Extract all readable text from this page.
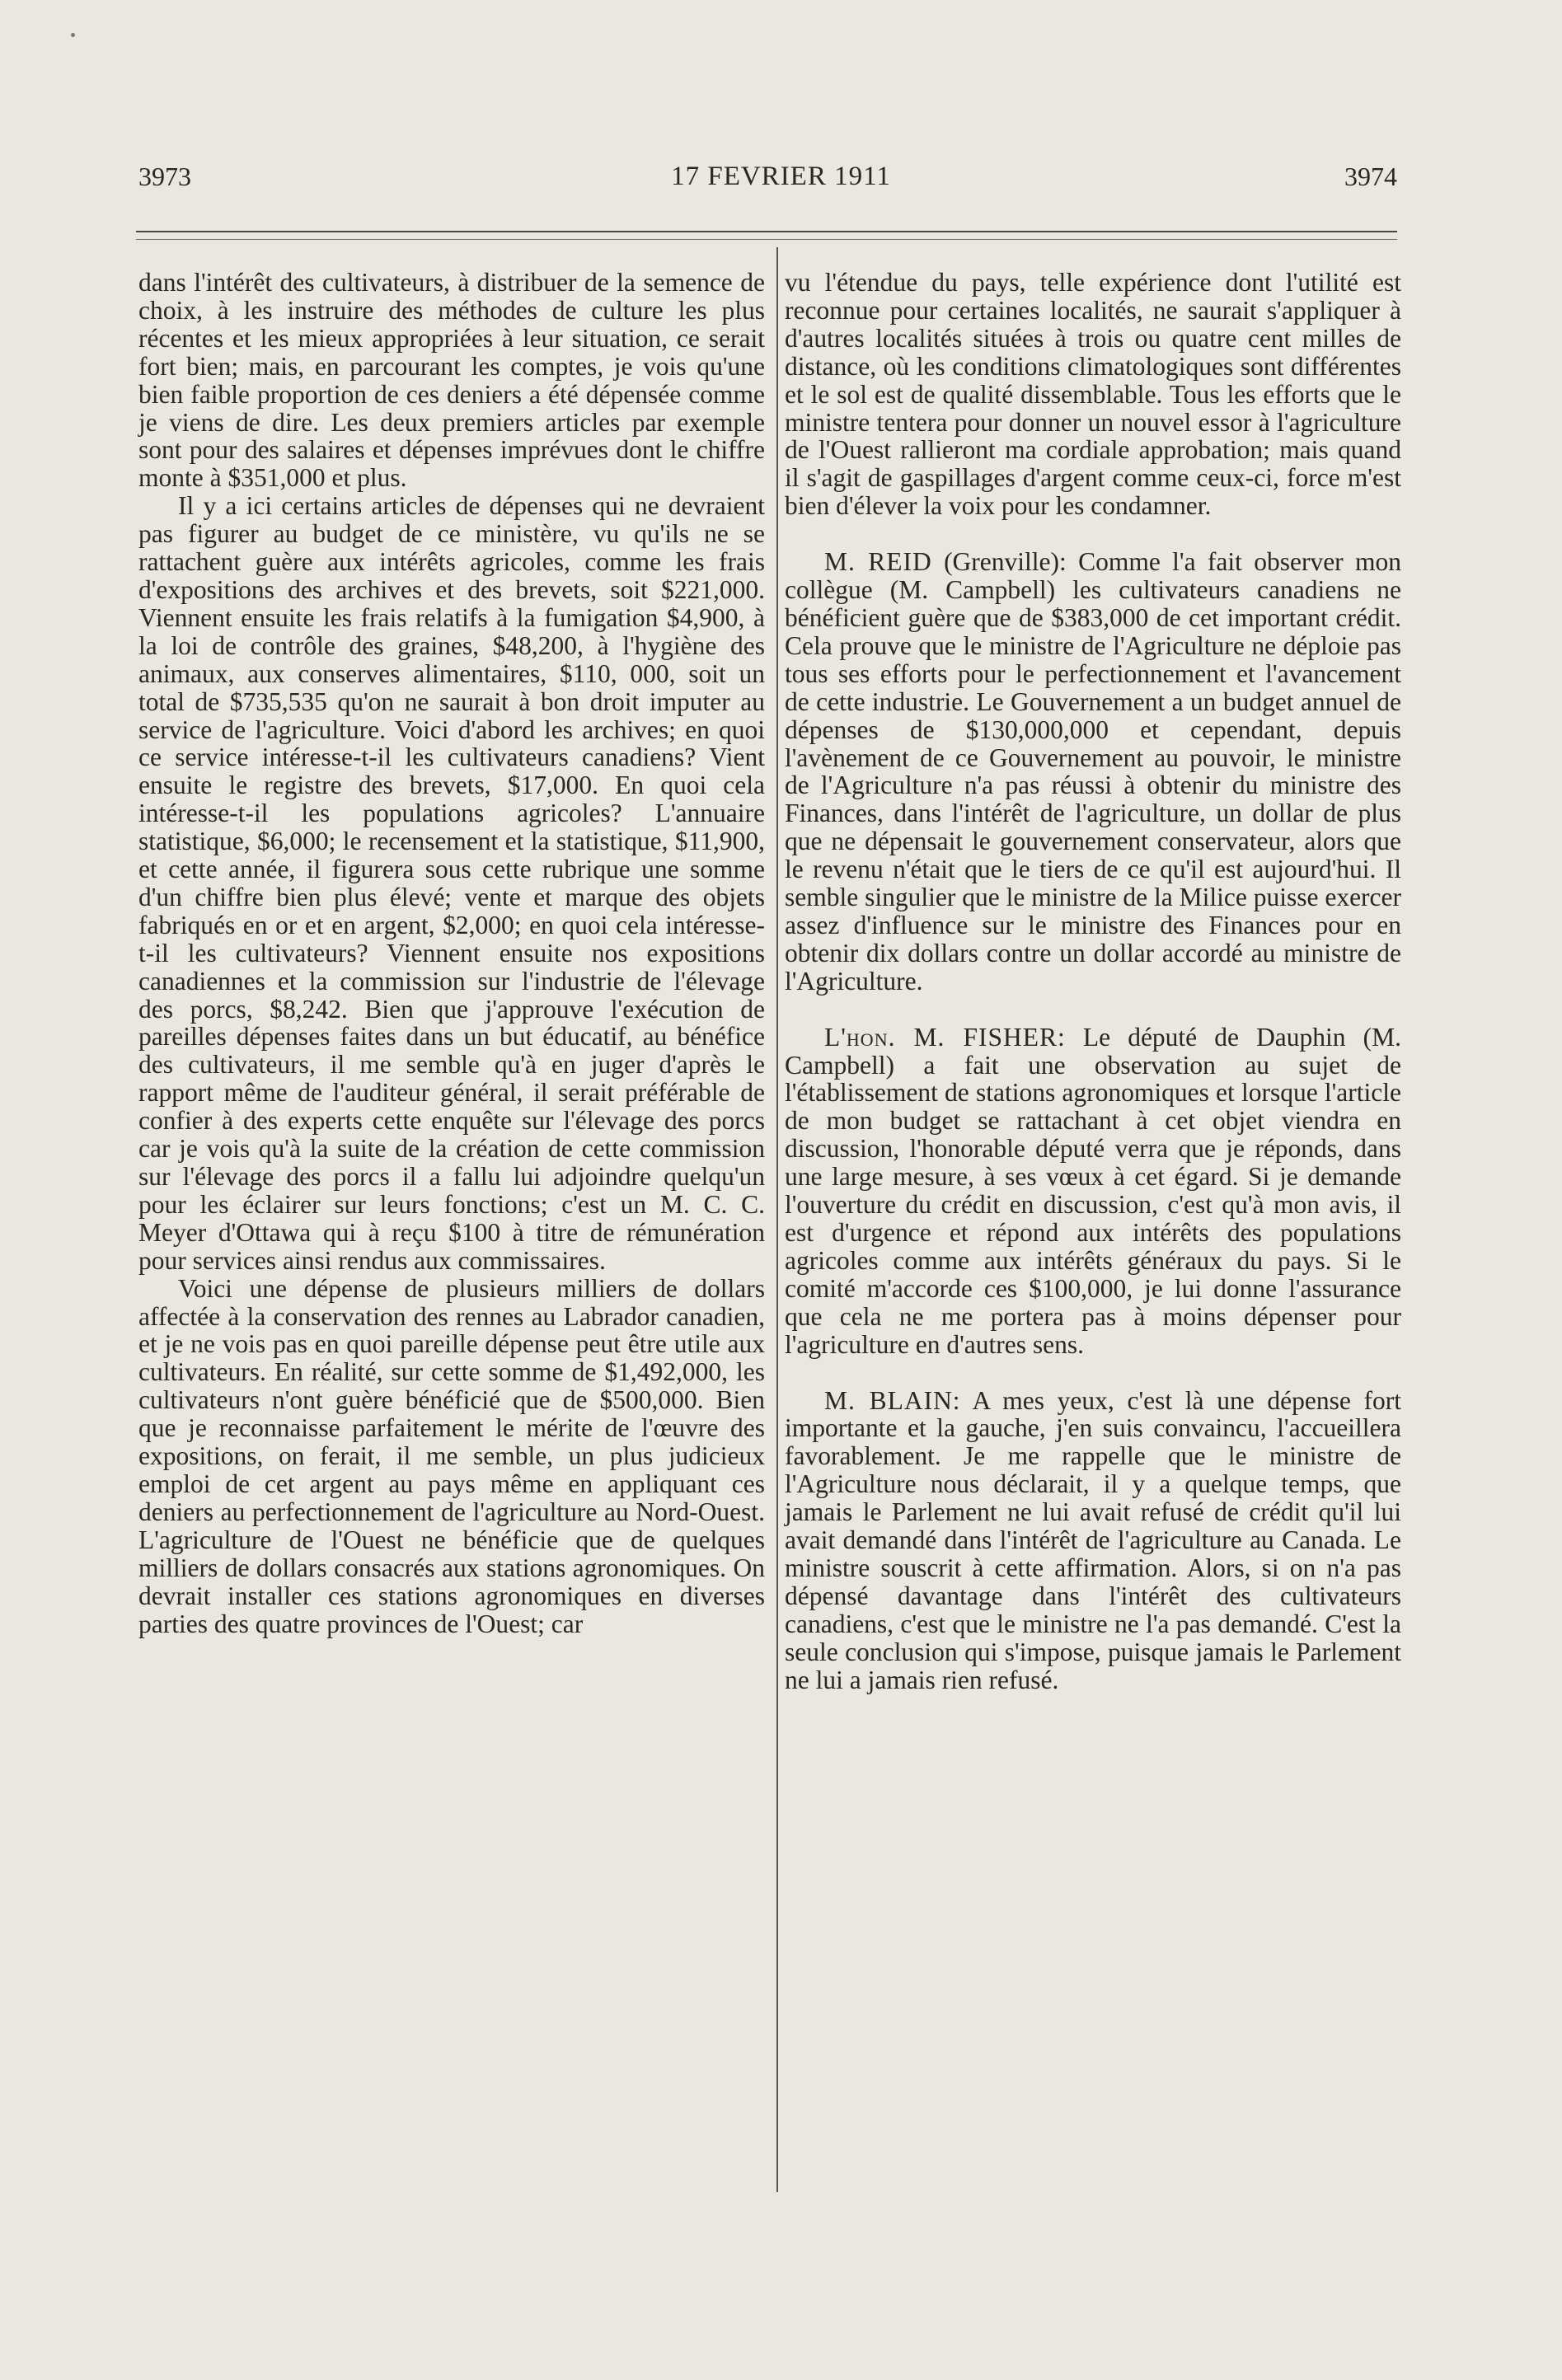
3973	17 FEVRIER 1911	3974

dans l'intérêt des cultivateurs, à distribuer de la semence de choix, à les instruire des méthodes de culture les plus récentes et les mieux appropriées à leur situation, ce serait fort bien; mais, en parcourant les comptes, je vois qu'une bien faible proportion de ces deniers a été dépensée comme je viens de dire. Les deux premiers articles par exemple sont pour des salaires et dépenses imprévues dont le chiffre monte à $351,000 et plus.

Il y a ici certains articles de dépenses qui ne devraient pas figurer au budget de ce ministère, vu qu'ils ne se rattachent guère aux intérêts agricoles, comme les frais d'expositions des archives et des brevets, soit $221,000. Viennent ensuite les frais relatifs à la fumigation $4,900, à la loi de contrôle des graines, $48,200, à l'hygiène des animaux, aux conserves alimentaires, $110, 000, soit un total de $735,535 qu'on ne saurait à bon droit imputer au service de l'agriculture. Voici d'abord les archives; en quoi ce service intéresse-t-il les cultivateurs canadiens? Vient ensuite le registre des brevets, $17,000. En quoi cela intéresse-t-il les populations agricoles? L'annuaire statistique, $6,000; le recensement et la statistique, $11,900, et cette année, il figurera sous cette rubrique une somme d'un chiffre bien plus élevé; vente et marque des objets fabriqués en or et en argent, $2,000; en quoi cela intéresse-t-il les cultivateurs? Viennent ensuite nos expositions canadiennes et la commission sur l'industrie de l'élevage des porcs, $8,242. Bien que j'approuve l'exécution de pareilles dépenses faites dans un but éducatif, au bénéfice des cultivateurs, il me semble qu'à en juger d'après le rapport même de l'auditeur général, il serait préférable de confier à des experts cette enquête sur l'élevage des porcs car je vois qu'à la suite de la création de cette commission sur l'élevage des porcs il a fallu lui adjoindre quelqu'un pour les éclairer sur leurs fonctions; c'est un M. C. C. Meyer d'Ottawa qui à reçu $100 à titre de rémunération pour services ainsi rendus aux commissaires.

Voici une dépense de plusieurs milliers de dollars affectée à la conservation des rennes au Labrador canadien, et je ne vois pas en quoi pareille dépense peut être utile aux cultivateurs. En réalité, sur cette somme de $1,492,000, les cultivateurs n'ont guère bénéficié que de $500,000. Bien que je reconnaisse parfaitement le mérite de l'œuvre des expositions, on ferait, il me semble, un plus judicieux emploi de cet argent au pays même en appliquant ces deniers au perfectionnement de l'agriculture au Nord-Ouest. L'agriculture de l'Ouest ne bénéficie que de quelques milliers de dollars consacrés aux stations agronomiques. On devrait installer ces stations agronomiques en diverses parties des quatre provinces de l'Ouest; car

vu l'étendue du pays, telle expérience dont l'utilité est reconnue pour certaines localités, ne saurait s'appliquer à d'autres localités situées à trois ou quatre cent milles de distance, où les conditions climatologiques sont différentes et le sol est de qualité dissemblable. Tous les efforts que le ministre tentera pour donner un nouvel essor à l'agriculture de l'Ouest rallieront ma cordiale approbation; mais quand il s'agit de gaspillages d'argent comme ceux-ci, force m'est bien d'élever la voix pour les condamner.

M. REID (Grenville): Comme l'a fait observer mon collègue (M. Campbell) les cultivateurs canadiens ne bénéficient guère que de $383,000 de cet important crédit. Cela prouve que le ministre de l'Agriculture ne déploie pas tous ses efforts pour le perfectionnement et l'avancement de cette industrie. Le Gouvernement a un budget annuel de dépenses de $130,000,000 et cependant, depuis l'avènement de ce Gouvernement au pouvoir, le ministre de l'Agriculture n'a pas réussi à obtenir du ministre des Finances, dans l'intérêt de l'agriculture, un dollar de plus que ne dépensait le gouvernement conservateur, alors que le revenu n'était que le tiers de ce qu'il est aujourd'hui. Il semble singulier que le ministre de la Milice puisse exercer assez d'influence sur le ministre des Finances pour en obtenir dix dollars contre un dollar accordé au ministre de l'Agriculture.

L'hon. M. FISHER: Le député de Dauphin (M. Campbell) a fait une observation au sujet de l'établissement de stations agronomiques et lorsque l'article de mon budget se rattachant à cet objet viendra en discussion, l'honorable député verra que je réponds, dans une large mesure, à ses vœux à cet égard. Si je demande l'ouverture du crédit en discussion, c'est qu'à mon avis, il est d'urgence et répond aux intérêts des populations agricoles comme aux intérêts généraux du pays. Si le comité m'accorde ces $100,000, je lui donne l'assurance que cela ne me portera pas à moins dépenser pour l'agriculture en d'autres sens.

M. BLAIN: A mes yeux, c'est là une dépense fort importante et la gauche, j'en suis convaincu, l'accueillera favorablement. Je me rappelle que le ministre de l'Agriculture nous déclarait, il y a quelque temps, que jamais le Parlement ne lui avait refusé de crédit qu'il lui avait demandé dans l'intérêt de l'agriculture au Canada. Le ministre souscrit à cette affirmation. Alors, si on n'a pas dépensé davantage dans l'intérêt des cultivateurs canadiens, c'est que le ministre ne l'a pas demandé. C'est la seule conclusion qui s'impose, puisque jamais le Parlement ne lui a jamais rien refusé.
